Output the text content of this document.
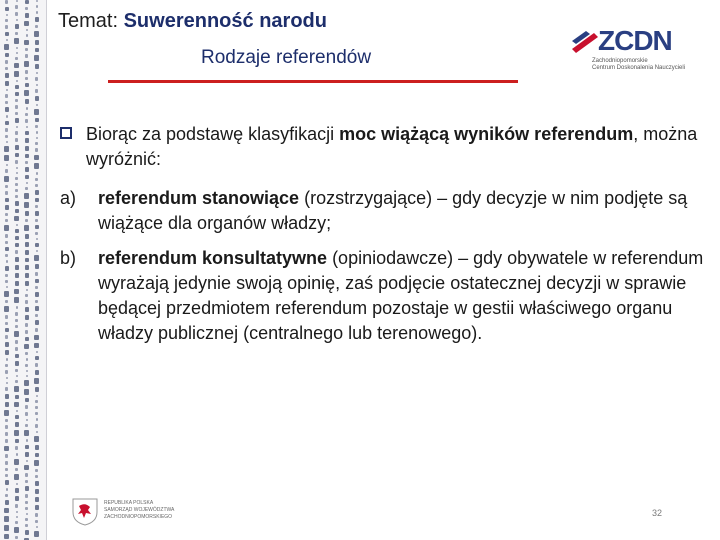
Temat: Suwerenność narodu
Rodzaje referendów
ZCDN
Zachodniopomorskie
Centrum Doskonalenia Nauczycieli
Biorąc za podstawę klasyfikacji moc wiążącą wyników referendum, można wyróżnić:
a)	referendum stanowiące (rozstrzygające) – gdy decyzje w nim podjęte są wiążące dla organów władzy;
b)	referendum konsultatywne (opiniodawcze) – gdy obywatele w referendum wyrażają jedynie swoją opinię, zaś podjęcie ostatecznej decyzji w sprawie będącej przedmiotem referendum pozostaje w gestii właściwego organu władzy publicznej (centralnego lub terenowego).
REPUBLIKA POLSKA
SAMORZĄD WOJEWÓDZTWA
ZACHODNIOPOMORSKIEGO	32
